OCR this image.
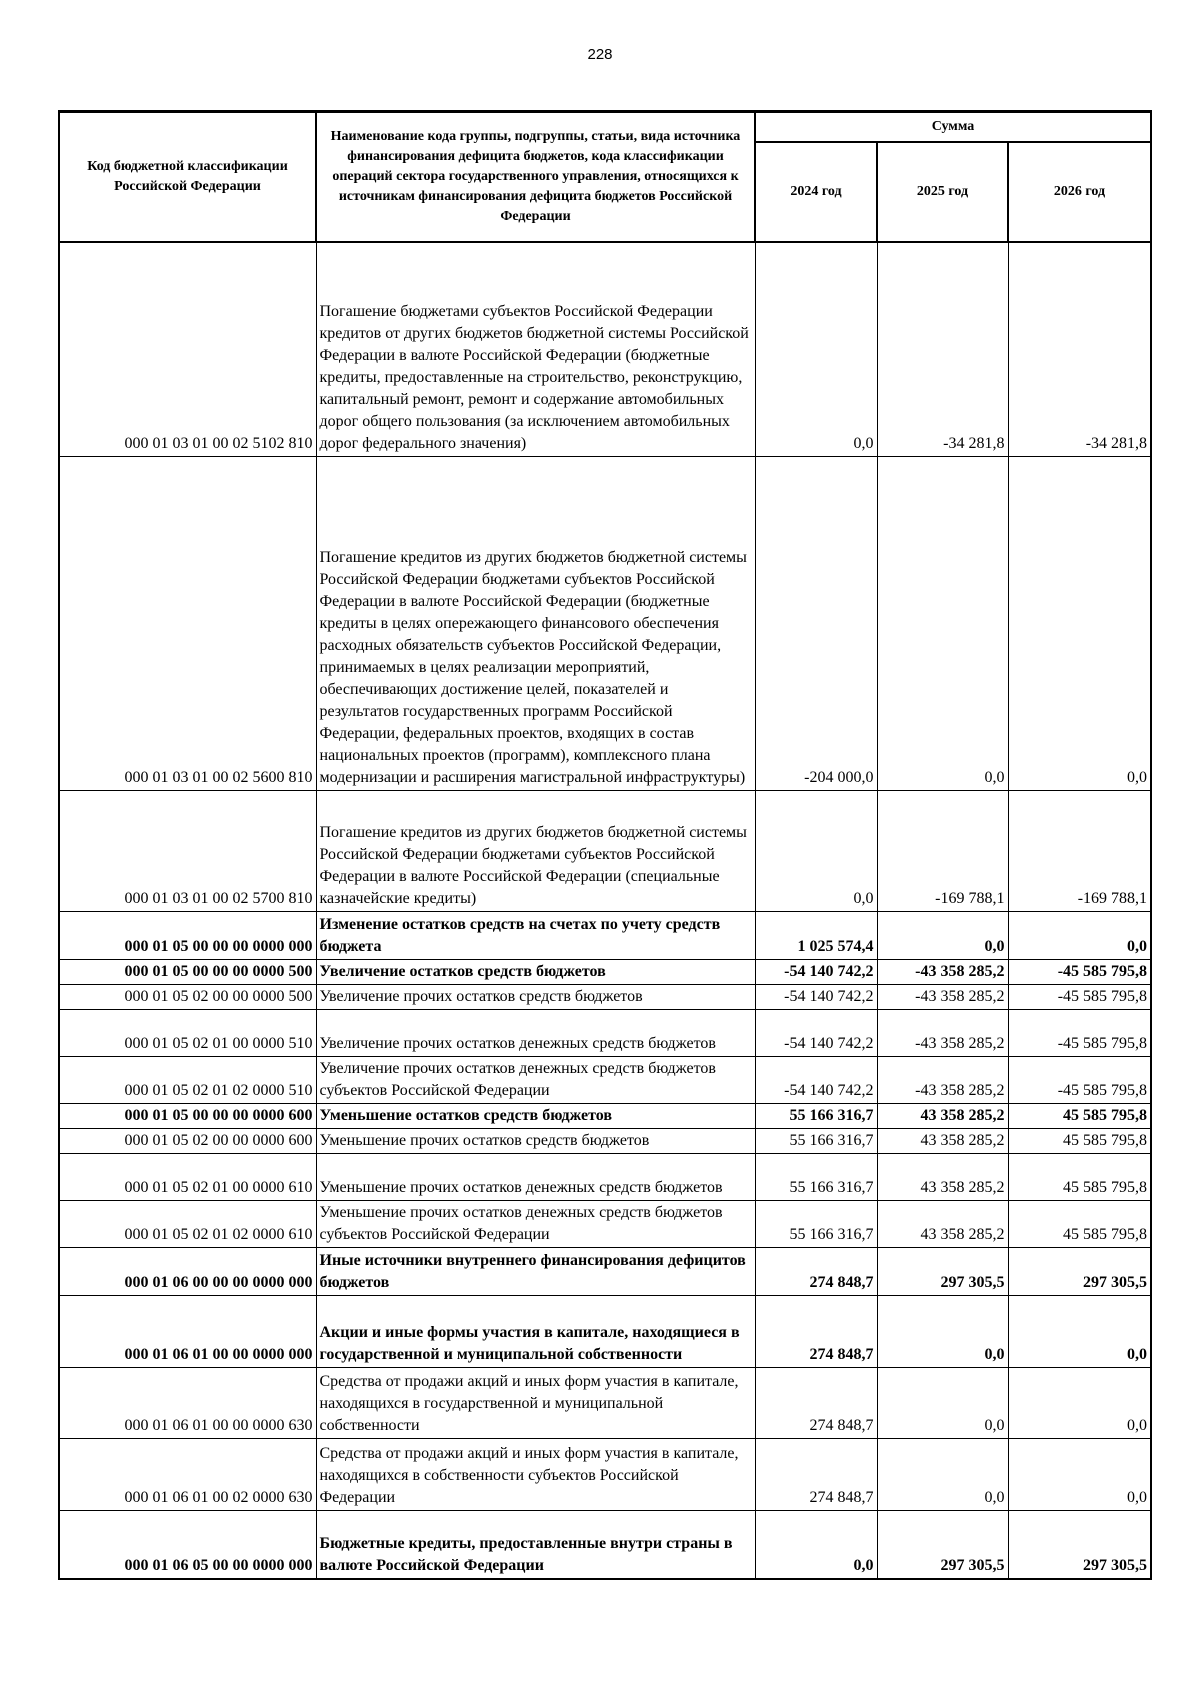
228
Код бюджетной классификации Российской Федерации	Наименование кода группы, подгруппы, статьи, вида источника финансирования дефицита бюджетов, кода классификации операций сектора государственного управления, относящихся к источникам финансирования дефицита бюджетов Российской Федерации	Сумма		
		2024 год	2025 год	2026 год
000 01 03 01 00 02 5102 810	Погашение бюджетами субъектов Российской Федерации кредитов от других бюджетов бюджетной системы Российской Федерации в валюте Российской Федерации (бюджетные кредиты, предоставленные на строительство, реконструкцию, капитальный ремонт, ремонт и содержание автомобильных дорог общего пользования (за исключением автомобильных дорог федерального значения)	0,0	-34 281,8	-34 281,8
000 01 03 01 00 02 5600 810	Погашение кредитов из других бюджетов бюджетной системы Российской Федерации бюджетами субъектов Российской Федерации в валюте Российской Федерации (бюджетные кредиты в целях опережающего финансового обеспечения расходных обязательств субъектов Российской Федерации, принимаемых в целях реализации мероприятий, обеспечивающих достижение целей, показателей и результатов государственных программ Российской Федерации, федеральных проектов, входящих в состав национальных проектов (программ), комплексного плана модернизации и расширения магистральной инфраструктуры)	-204 000,0	0,0	0,0
000 01 03 01 00 02 5700 810	Погашение кредитов из других бюджетов бюджетной системы Российской Федерации бюджетами субъектов Российской Федерации в валюте Российской Федерации (специальные казначейские кредиты)	0,0	-169 788,1	-169 788,1
000 01 05 00 00 00 0000 000	Изменение остатков средств на счетах по учету средств бюджета	1 025 574,4	0,0	0,0
000 01 05 00 00 00 0000 500	Увеличение остатков средств бюджетов	-54 140 742,2	-43 358 285,2	-45 585 795,8
000 01 05 02 00 00 0000 500	Увеличение прочих остатков средств бюджетов	-54 140 742,2	-43 358 285,2	-45 585 795,8
000 01 05 02 01 00 0000 510	Увеличение прочих остатков денежных средств бюджетов	-54 140 742,2	-43 358 285,2	-45 585 795,8
000 01 05 02 01 02 0000 510	Увеличение прочих остатков денежных средств бюджетов субъектов Российской Федерации	-54 140 742,2	-43 358 285,2	-45 585 795,8
000 01 05 00 00 00 0000 600	Уменьшение остатков средств бюджетов	55 166 316,7	43 358 285,2	45 585 795,8
000 01 05 02 00 00 0000 600	Уменьшение прочих остатков средств бюджетов	55 166 316,7	43 358 285,2	45 585 795,8
000 01 05 02 01 00 0000 610	Уменьшение прочих остатков денежных средств бюджетов	55 166 316,7	43 358 285,2	45 585 795,8
000 01 05 02 01 02 0000 610	Уменьшение прочих остатков денежных средств бюджетов субъектов Российской Федерации	55 166 316,7	43 358 285,2	45 585 795,8
000 01 06 00 00 00 0000 000	Иные источники внутреннего финансирования дефицитов бюджетов	274 848,7	297 305,5	297 305,5
000 01 06 01 00 00 0000 000	Акции и иные формы участия в капитале, находящиеся в государственной и муниципальной собственности	274 848,7	0,0	0,0
000 01 06 01 00 00 0000 630	Средства от продажи акций и иных форм участия в капитале, находящихся в государственной и муниципальной собственности	274 848,7	0,0	0,0
000 01 06 01 00 02 0000 630	Средства от продажи акций и иных форм участия в капитале, находящихся в собственности субъектов Российской Федерации	274 848,7	0,0	0,0
000 01 06 05 00 00 0000 000	Бюджетные кредиты, предоставленные внутри страны в валюте Российской Федерации	0,0	297 305,5	297 305,5
